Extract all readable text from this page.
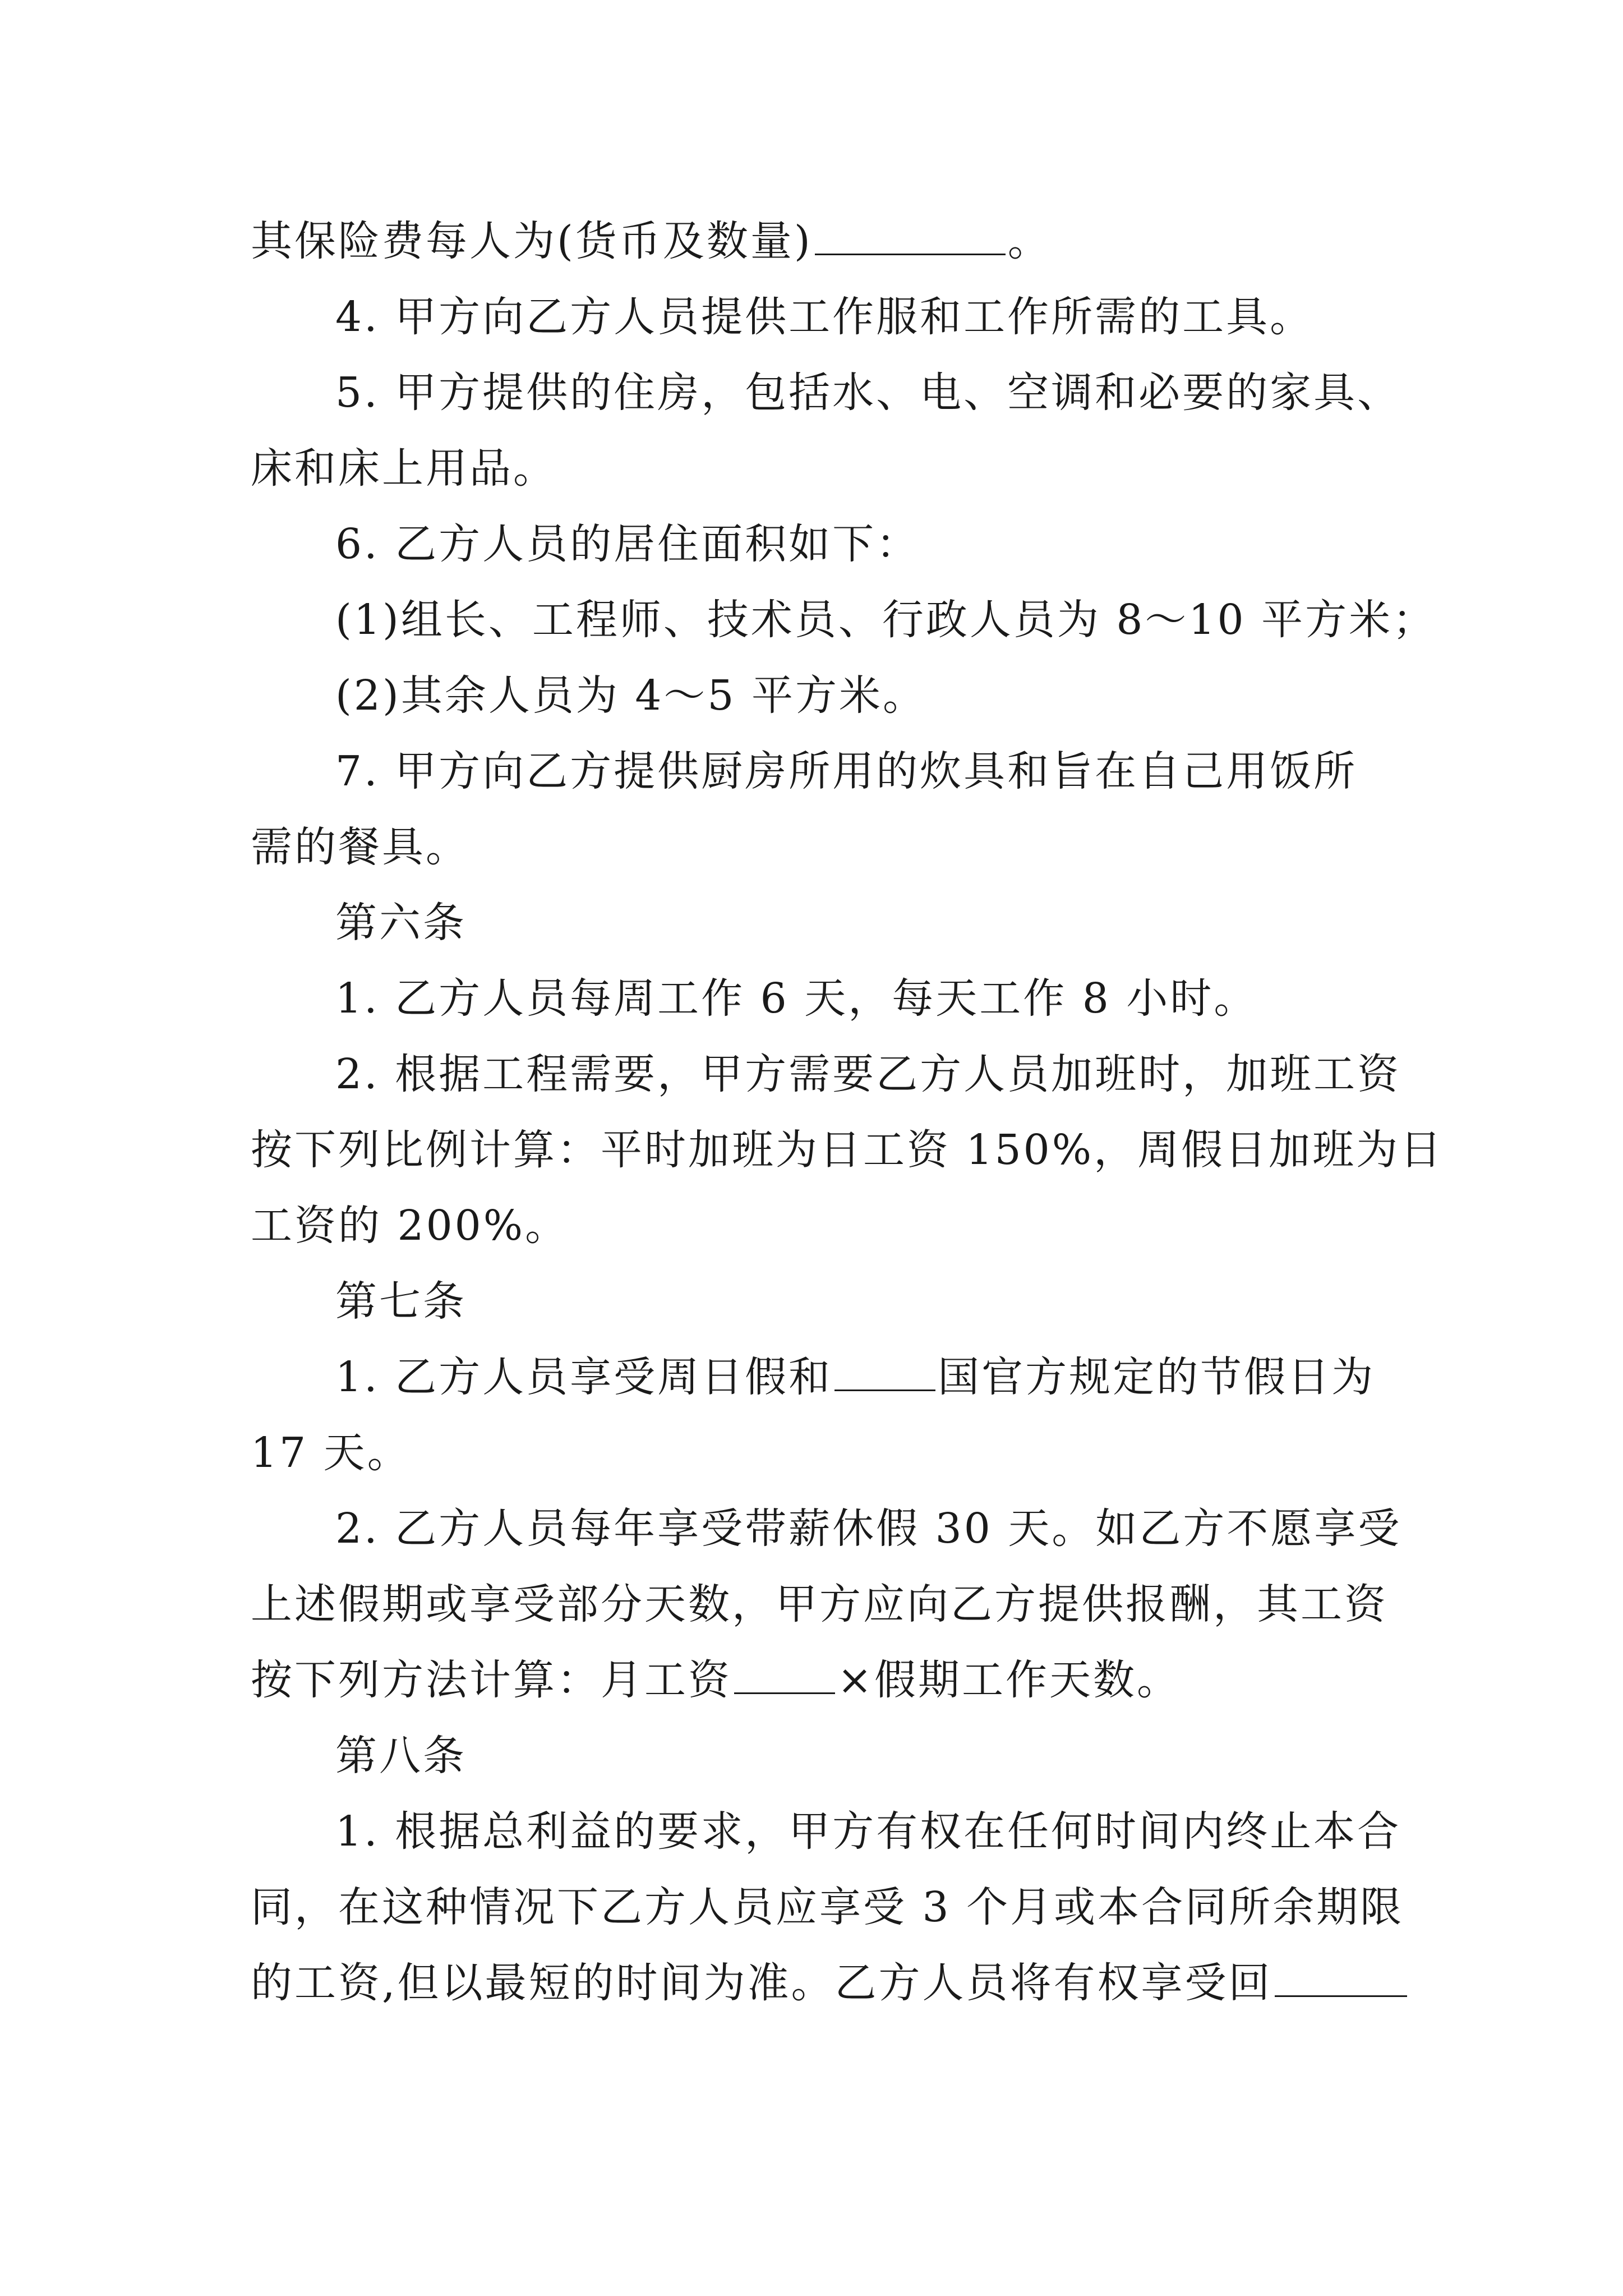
其保险费每人为(货币及数量)	。
4. 甲方向乙方人员提供工作服和工作所需的工具。
5. 甲方提供的住房，包括水、电、空调和必要的家具、
床和床上用品。
6. 乙方人员的居住面积如下：
(1)组长、工程师、技术员、行政人员为 8～10 平方米；
(2)其余人员为 4～5 平方米。
7. 甲方向乙方提供厨房所用的炊具和旨在自己用饭所
需的餐具。
第六条
1. 乙方人员每周工作 6 天，每天工作 8 小时。
2. 根据工程需要，甲方需要乙方人员加班时，加班工资
按下列比例计算：平时加班为日工资 150%，周假日加班为日
工资的 200%。
第七条
1. 乙方人员享受周日假和	国官方规定的节假日为
17 天。
2. 乙方人员每年享受带薪休假 30 天。如乙方不愿享受
上述假期或享受部分天数，甲方应向乙方提供报酬，其工资
按下列方法计算：月工资	×假期工作天数。
第八条
1. 根据总利益的要求，甲方有权在任何时间内终止本合
同，在这种情况下乙方人员应享受 3 个月或本合同所余期限
的工资,但以最短的时间为准。乙方人员将有权享受回
